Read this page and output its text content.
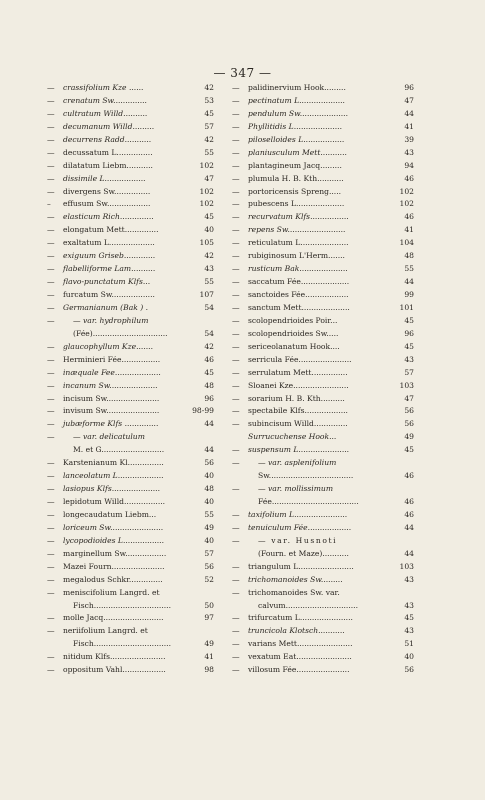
— 347 —
—	crassifolium Kze ......	42
—	crenatum Sw..............	53
—	cultratum Willd..........	45
—	decumanum Willd.........	57
—	decurrens Radd...........	42
—	decussatum L...............	55
—	dilatatum Liebm...........	102
—	dissimile L.................	47
—	divergens Sw...............	102
–	effusum Sw..................	102
—	elasticum Rich..............	45
—	elongatum Mett..............	40
—	exaltatum L...................	105
—	exiguum Griseb.............	42
—	flabelliforme Lam..........	43
—	flavo-punctatum Klfs...	55
—	furcatum Sw..................	107
—	Germanianum (Bak ) .	54
—	— var. hydrophilum
(Fée)...............................	54
—	glaucophyllum Kze.......	42
—	Herminieri Fée................	46
—	inæquale Fee...................	45
—	incanum Sw....................	48
—	incisum Sw......................	96
—	invisum Sw......................	98-99
—	jubæforme Klfs ..............	44
—	— var. delicatulum
M. et G..........................	44
—	Karstenianum Kl...............	56
—	lanceolatum L...................	40
—	lasiopus Klfs....................	48
—	lepidotum Willd.................	40
—	longecaudatum Liebm...	55
—	loriceum Sw......................	49
—	lycopodioides L.................	40
—	marginellum Sw.................	57
—	Mazei Fourn......................	56
—	megalodus Schkr..............	52
—	meniscifolium Langrd. et
Fisch................................	50
—	molle Jacq.........................	97
—	neriifolium Langrd. et
Fisch................................	49
—	nitidum Klfs.......................	41
—	oppositum Vahl..................	98
—	palidinervium Hook.........	96
—	pectinatum L...................	47
—	pendulum Sw....................	44
—	Phyllitidis L....................	41
—	piloselloides L.................	39
—	planiusculum Mett...........	43
—	plantagineum Jacq.........	94
—	plumula H. B. Kth...........	46
—	portoricensis Spreng.....	102
—	pubescens L....................	102
—	recurvatum Klfs................	46
—	repens Sw........................	41
—	reticulatum L....................	104
—	rubiginosum L'Herm.......	48
—	rusticum Bak....................	55
—	saccatum Fée....................	44
—	sanctoides Fée..................	99
—	sanctum Mett....................	101
—	scolopendrioides Poir...	45
—	scolopendrioides Sw.....	96
—	sericeolanatum Hook....	45
—	serricula Fée......................	43
—	serrulatum Mett...............	57
—	Sloanei Kze.......................	103
—	sorarium H. B. Kth..........	47
—	spectabile Klfs..................	56
—	subincisum Willd..............	56
Surrucuchense Hook...	49
—	suspensum L.....................	45
—	— var. asplenifolium
Sw...................................	46
—	— var. mollissimum
Fée....................................	46
—	taxifolium L......................	46
—	tenuiculum Fée..................	44
—	— var. Husnoti
(Fourn. et Maze)...........	44
—	triangulum L.......................	103
—	trichomanoides Sw.........	43
—	trichomanoides Sw. var.
calvum..............................	43
—	trifurcatum L......................	45
—	truncicola Klotsch...........	43
—	varians Mett.......................	51
—	vexatum Eat.......................	40
—	villosum Fée......................	56
